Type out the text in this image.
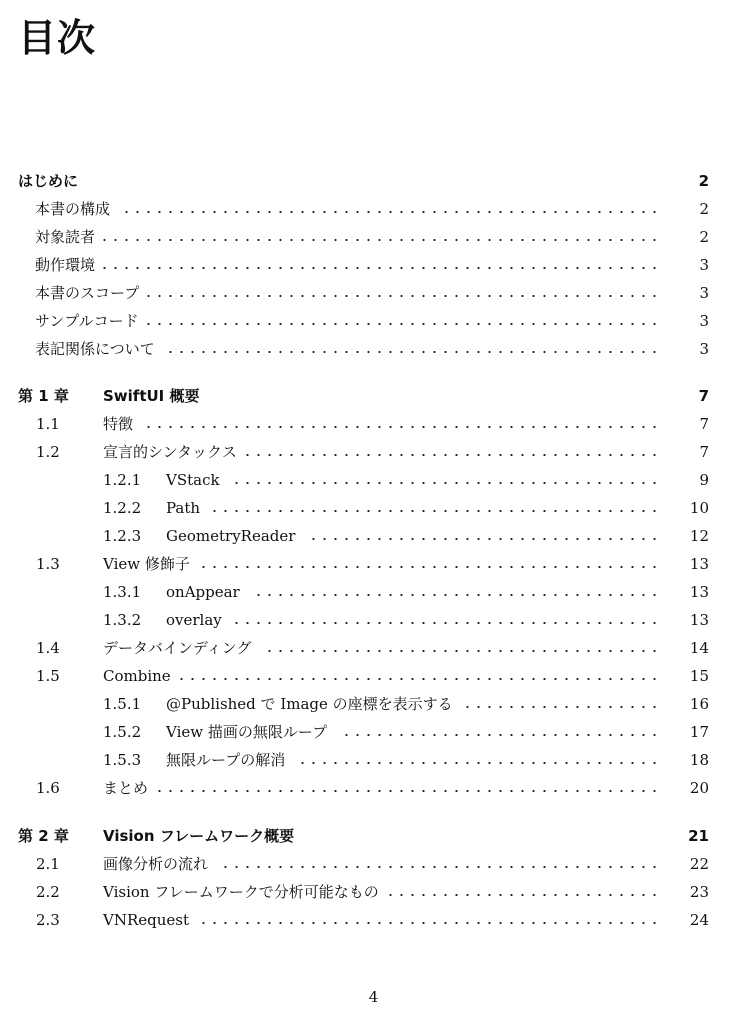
目次
はじめに	2
本書の構成	2
対象読者	2
動作環境	3
本書のスコープ	3
サンプルコード	3
表記関係について	3
第 1 章 SwiftUI 概要	7
1.1	特徴	7
1.2	宣言的シンタックス	7
1.2.1 VStack	9
1.2.2 Path	10
1.2.3 GeometryReader	12
1.3	View 修飾子	13
1.3.1 onAppear	13
1.3.2 overlay	13
1.4	データバインディング	14
1.5	Combine	15
1.5.1 @Published で Image の座標を表示する	16
1.5.2 View 描画の無限ループ	17
1.5.3 無限ループの解消	18
1.6	まとめ	20
第 2 章 Vision フレームワーク概要	21
2.1	画像分析の流れ	22
2.2	Vision フレームワークで分析可能なもの	23
2.3	VNRequest	24
4
